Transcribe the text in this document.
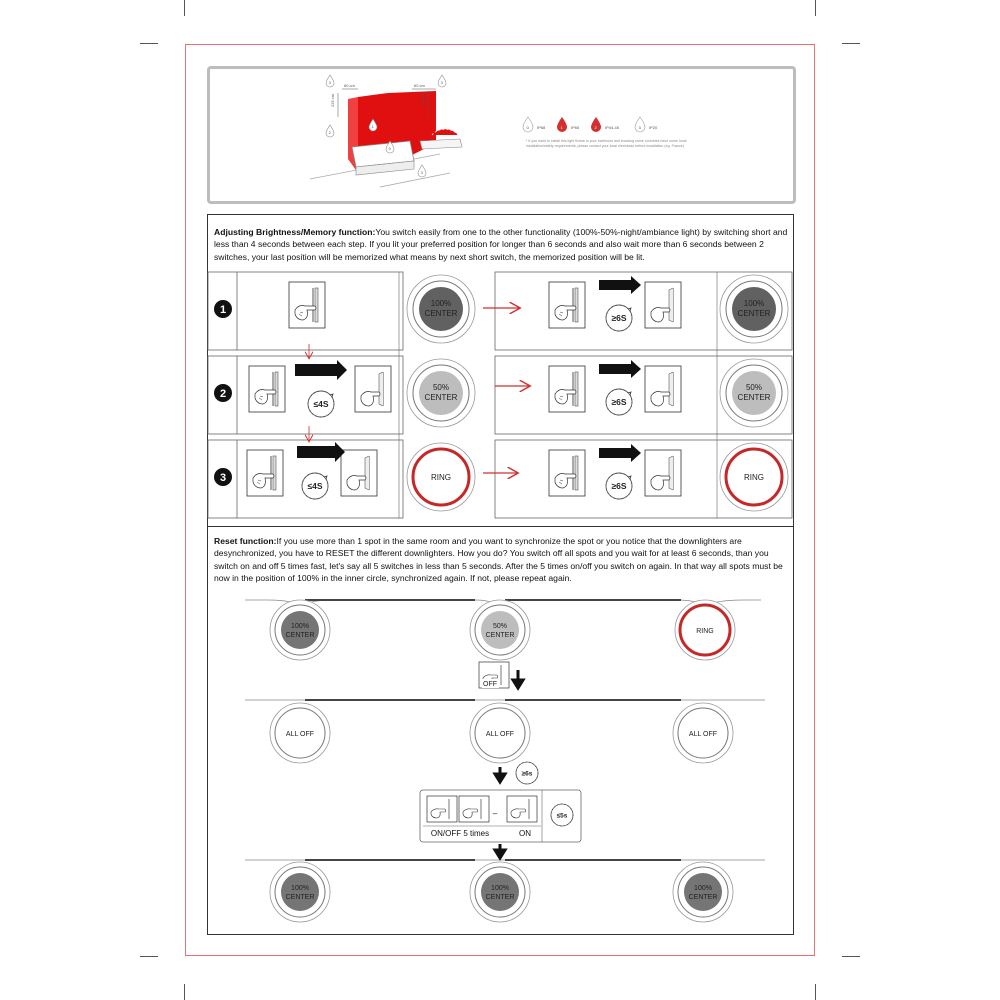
60 cm	60 cm
225 cm	225 cm
3	3
2
1
0
3
0 IP68	1 IP65	2 IP44-45	3 IP20
* If you want to install this light fixture in your bathroom and knowing some countries have some local installation/safety requirements, please contact your local electrician before installation (eg. France)
Adjusting Brightness/Memory function:You switch easily from one to the other functionality (100%-50%-night/ambiance light) by switching short and less than 4 seconds between each step. If you lit your preferred position for longer than 6 seconds and also wait more than 6 seconds between 2 switches, your last position will be memorized what means by next short switch, the memorized position will be lit.
1
2
3
≤4S
≤4S
≥6S
≥6S
≥6S
100%
CENTER
100%
CENTER
50%
CENTER
50%
CENTER
RING	RING
Reset function:If you use more than 1 spot in the same room and you want to synchronize the spot or you notice that the downlighters are desynchronized, you have to RESET the different downlighters. How you do? You switch off all spots and you wait for at least 6 seconds, than you switch on and off 5 times fast, let's say all 5 switches in less than 5 seconds. After the 5 times on/off you switch on again. In that way all spots must be now in the position of 100% in the inner circle, synchronized again. If not, please repeat again.
100%
CENTER
50%
CENTER
RING
OFF
ALL OFF	ALL OFF	ALL OFF
≥6s
–
ON/OFF 5 times	ON
≤5s
100%
CENTER
100%
CENTER
100%
CENTER
